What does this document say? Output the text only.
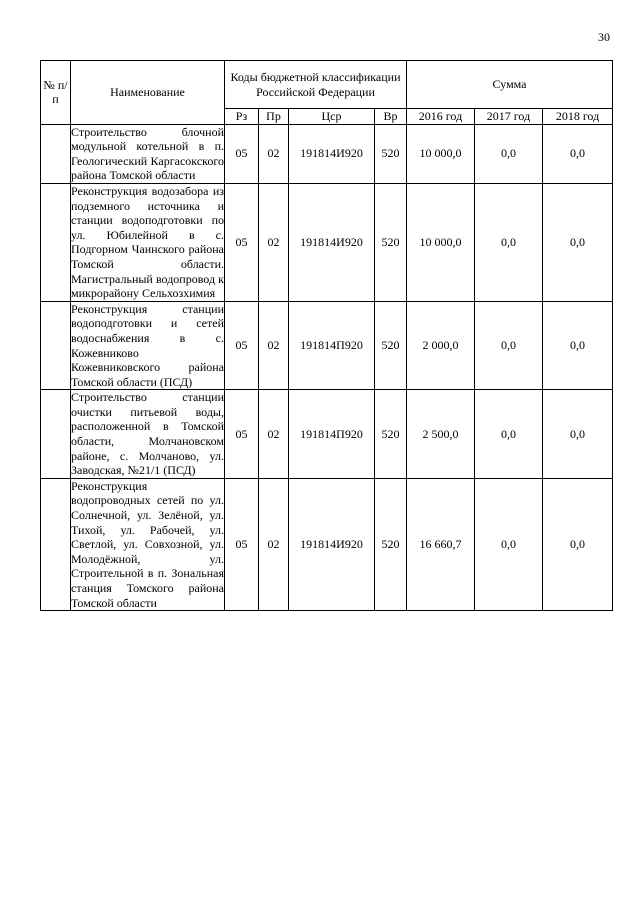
30
№ п/п	Наименование	Коды бюджетной классификации Российской Федерации				Сумма		
		Рз	Пр	Цср	Вр	2016 год	2017 год	2018 год
	Строительство блочной модульной котельной в п. Геологический Каргасокского района Томской области	05	02	191814И920	520	10 000,0	0,0	0,0
	Реконструкция водозабора из подземного источника и станции водоподготовки по ул. Юбилейной в с. Подгорном Чаинского района Томской области. Магистральный водопровод к микрорайону Сельхозхимия	05	02	191814И920	520	10 000,0	0,0	0,0
	Реконструкция станции водоподготовки и сетей водоснабжения в с. Кожевниково Кожевниковского района Томской области (ПСД)	05	02	191814П920	520	2 000,0	0,0	0,0
	Строительство станции очистки питьевой воды, расположенной в Томской области, Молчановском районе, с. Молчаново, ул. Заводская, №21/1 (ПСД)	05	02	191814П920	520	2 500,0	0,0	0,0
	Реконструкция водопроводных сетей по ул. Солнечной, ул. Зелёной, ул. Тихой, ул. Рабочей, ул. Светлой, ул. Совхозной, ул. Молодёжной, ул. Строительной в п. Зональная станция Томского района Томской области	05	02	191814И920	520	16 660,7	0,0	0,0
